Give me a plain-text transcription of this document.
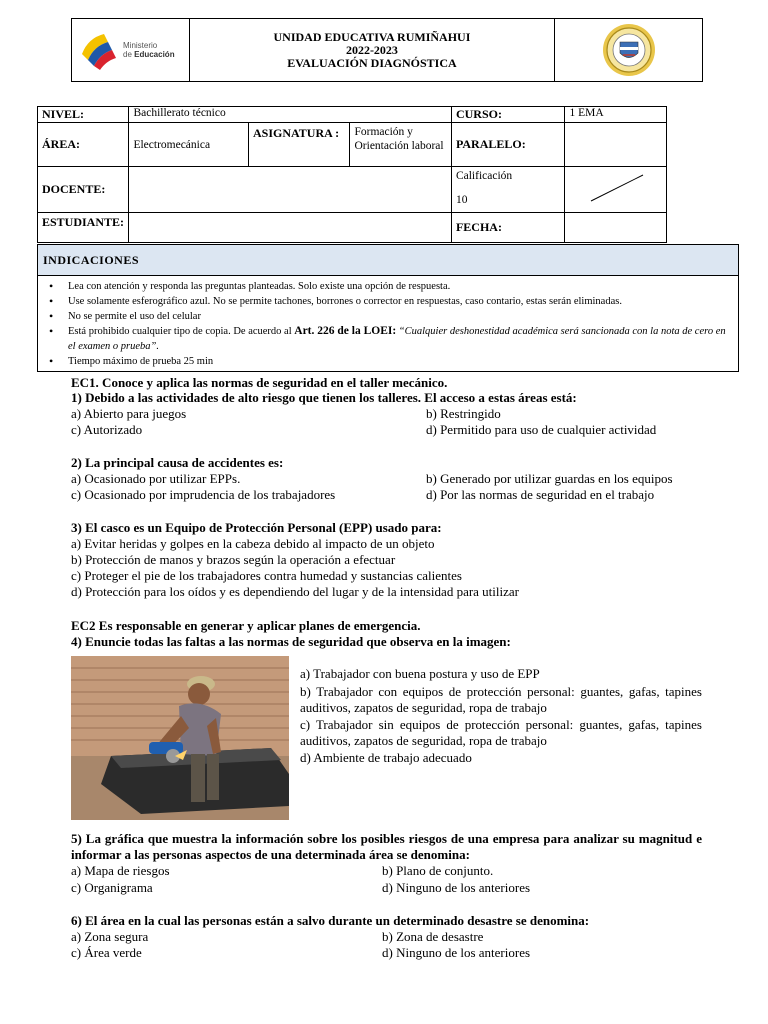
Ministerio
de Educación

UNIDAD EDUCATIVA RUMIÑAHUI
2022-2023
EVALUACIÓN DIAGNÓSTICA

NIVEL:	Bachillerato técnico			CURSO:	1 EMA
ÁREA:	Electromecánica	ASIGNATURA :	Formación y Orientación laboral	PARALELO:	
DOCENTE:				Calificación
10

ESTUDIANTE:				FECHA:	
INDICACIONES

• Lea con atención y responda las preguntas planteadas. Solo existe una opción de respuesta.
• Use solamente esferográfico azul. No se permite tachones, borrones o corrector en respuestas, caso contario, estas serán eliminadas.
• No se permite el uso del celular
• Está prohibido cualquier tipo de copia. De acuerdo al Art. 226 de la LOEI: “Cualquier deshonestidad académica será sancionada con la nota de cero en el examen o prueba”.
• Tiempo máximo de prueba 25 min
EC1. Conoce y aplica las normas de seguridad en el taller mecánico.
1) Debido a las actividades de alto riesgo que tienen los talleres. El acceso a estas áreas está:
a) Abierto para juegos	b) Restringido
c) Autorizado	d) Permitido para uso de cualquier actividad
2) La principal causa de accidentes es:
a) Ocasionado por utilizar EPPs.	b) Generado por utilizar guardas en los equipos
c) Ocasionado por imprudencia de los trabajadores	d) Por las normas de seguridad en el trabajo
3) El casco es un Equipo de Protección Personal (EPP) usado para:
a) Evitar heridas y golpes en la cabeza debido al impacto de un objeto
b) Protección de manos y brazos según la operación a efectuar
c) Proteger el pie de los trabajadores contra humedad y sustancias calientes
d) Protección para los oídos y es dependiendo del lugar y de la intensidad para utilizar
EC2 Es responsable en generar y aplicar planes de emergencia.
4) Enuncie todas las faltas a las normas de seguridad que observa en la imagen:
a) Trabajador con buena postura y uso de EPP
b) Trabajador con equipos de protección personal: guantes, gafas, tapines auditivos, zapatos de seguridad, ropa de trabajo
c) Trabajador sin equipos de protección personal: guantes, gafas, tapines auditivos, zapatos de seguridad, ropa de trabajo
d) Ambiente de trabajo adecuado
5) La gráfica que muestra la información sobre los posibles riesgos de una empresa para analizar su magnitud e informar a las personas aspectos de una determinada área se denomina:
a) Mapa de riesgos	b) Plano de conjunto.
c) Organigrama	d) Ninguno de los anteriores
6) El área en la cual las personas están a salvo durante un determinado desastre se denomina:
a) Zona segura	b) Zona de desastre
c) Área verde	d) Ninguno de los anteriores
